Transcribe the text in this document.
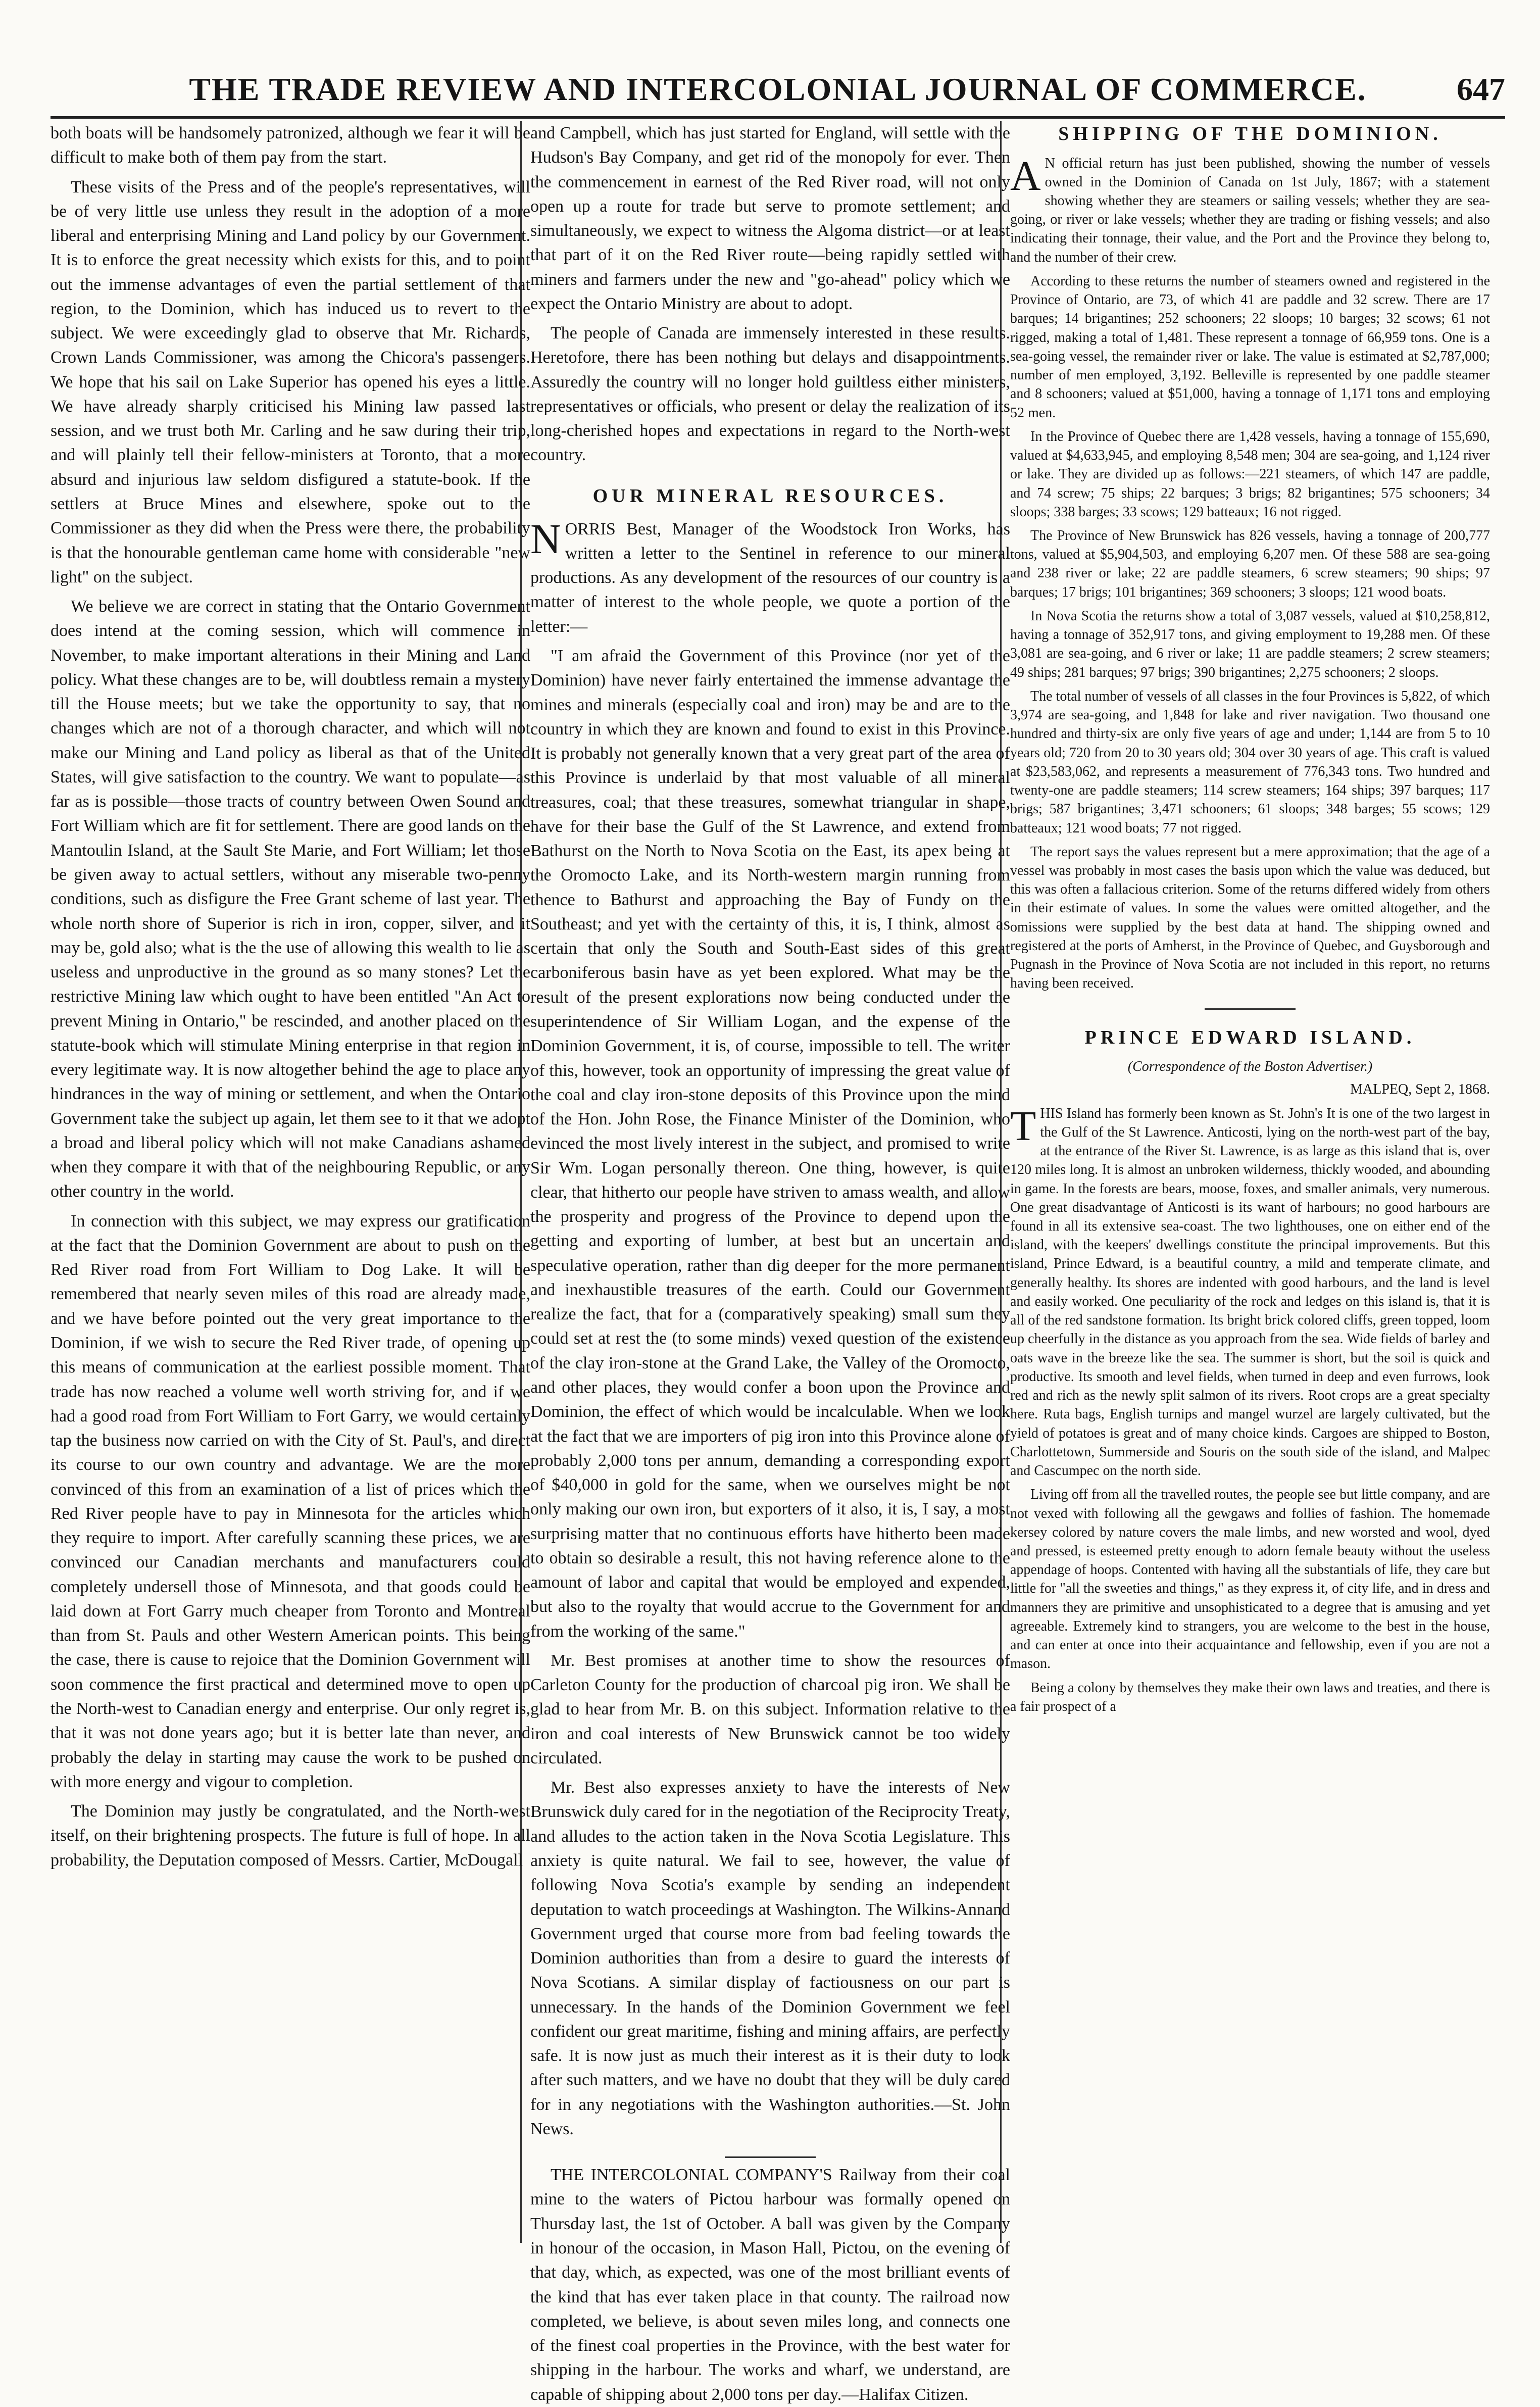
THE TRADE REVIEW AND INTERCOLONIAL JOURNAL OF COMMERCE.	647

both boats will be handsomely patronized, although we fear it will be difficult to make both of them pay from the start.

These visits of the Press and of the people's representatives, will be of very little use unless they result in the adoption of a more liberal and enterprising Mining and Land policy by our Government. It is to enforce the great necessity which exists for this, and to point out the immense advantages of even the partial settlement of that region, to the Dominion, which has induced us to revert to the subject. We were exceedingly glad to observe that Mr. Richards, Crown Lands Commissioner, was among the Chicora's passengers. We hope that his sail on Lake Superior has opened his eyes a little. We have already sharply criticised his Mining law passed last session, and we trust both Mr. Carling and he saw during their trip, and will plainly tell their fellow-ministers at Toronto, that a more absurd and injurious law seldom disfigured a statute-book. If the settlers at Bruce Mines and elsewhere, spoke out to the Commissioner as they did when the Press were there, the probability is that the honourable gentleman came home with considerable "new light" on the subject.

We believe we are correct in stating that the Ontario Government does intend at the coming session, which will commence in November, to make important alterations in their Mining and Land policy. What these changes are to be, will doubtless remain a mystery till the House meets; but we take the opportunity to say, that no changes which are not of a thorough character, and which will not make our Mining and Land policy as liberal as that of the United States, will give satisfaction to the country. We want to populate—as far as is possible—those tracts of country between Owen Sound and Fort William which are fit for settlement. There are good lands on the Mantoulin Island, at the Sault Ste Marie, and Fort William; let those be given away to actual settlers, without any miserable two-penny conditions, such as disfigure the Free Grant scheme of last year. The whole north shore of Superior is rich in iron, copper, silver, and it may be, gold also; what is the the use of allowing this wealth to lie as useless and unproductive in the ground as so many stones? Let the restrictive Mining law which ought to have been entitled "An Act to prevent Mining in Ontario," be rescinded, and another placed on the statute-book which will stimulate Mining enterprise in that region in every legitimate way. It is now altogether behind the age to place any hindrances in the way of mining or settlement, and when the Ontario Government take the subject up again, let them see to it that we adopt a broad and liberal policy which will not make Canadians ashamed when they compare it with that of the neighbouring Republic, or any other country in the world.

In connection with this subject, we may express our gratification at the fact that the Dominion Government are about to push on the Red River road from Fort William to Dog Lake. It will be remembered that nearly seven miles of this road are already made, and we have before pointed out the very great importance to the Dominion, if we wish to secure the Red River trade, of opening up this means of communication at the earliest possible moment. That trade has now reached a volume well worth striving for, and if we had a good road from Fort William to Fort Garry, we would certainly tap the business now carried on with the City of St. Paul's, and direct its course to our own country and advantage. We are the more convinced of this from an examination of a list of prices which the Red River people have to pay in Minnesota for the articles which they require to import. After carefully scanning these prices, we are convinced our Canadian merchants and manufacturers could completely undersell those of Minnesota, and that goods could be laid down at Fort Garry much cheaper from Toronto and Montreal than from St. Pauls and other Western American points. This being the case, there is cause to rejoice that the Dominion Government will soon commence the first practical and determined move to open up the North-west to Canadian energy and enterprise. Our only regret is, that it was not done years ago; but it is better late than never, and probably the delay in starting may cause the work to be pushed on with more energy and vigour to completion.

The Dominion may justly be congratulated, and the North-west itself, on their brightening prospects. The future is full of hope. In all probability, the Deputation composed of Messrs. Cartier, McDougall

and Campbell, which has just started for England, will settle with the Hudson's Bay Company, and get rid of the monopoly for ever. Then the commencement in earnest of the Red River road, will not only open up a route for trade but serve to promote settlement; and simultaneously, we expect to witness the Algoma district—or at least that part of it on the Red River route—being rapidly settled with miners and farmers under the new and "go-ahead" policy which we expect the Ontario Ministry are about to adopt.

The people of Canada are immensely interested in these results. Heretofore, there has been nothing but delays and disappointments. Assuredly the country will no longer hold guiltless either ministers, representatives or officials, who present or delay the realization of its long-cherished hopes and expectations in regard to the North-west country.

OUR MINERAL RESOURCES.

NORRIS Best, Manager of the Woodstock Iron Works, has written a letter to the Sentinel in reference to our mineral productions. As any development of the resources of our country is a matter of interest to the whole people, we quote a portion of the letter:—

"I am afraid the Government of this Province (nor yet of the Dominion) have never fairly entertained the immense advantage the mines and minerals (especially coal and iron) may be and are to the country in which they are known and found to exist in this Province. It is probably not generally known that a very great part of the area of this Province is underlaid by that most valuable of all mineral treasures, coal; that these treasures, somewhat triangular in shape, have for their base the Gulf of the St Lawrence, and extend from Bathurst on the North to Nova Scotia on the East, its apex being at the Oromocto Lake, and its North-western margin running from thence to Bathurst and approaching the Bay of Fundy on the Southeast; and yet with the certainty of this, it is, I think, almost as certain that only the South and South-East sides of this great carboniferous basin have as yet been explored. What may be the result of the present explorations now being conducted under the superintendence of Sir William Logan, and the expense of the Dominion Government, it is, of course, impossible to tell. The writer of this, however, took an opportunity of impressing the great value of the coal and clay iron-stone deposits of this Province upon the mind of the Hon. John Rose, the Finance Minister of the Dominion, who evinced the most lively interest in the subject, and promised to write Sir Wm. Logan personally thereon. One thing, however, is quite clear, that hitherto our people have striven to amass wealth, and allow the prosperity and progress of the Province to depend upon the getting and exporting of lumber, at best but an uncertain and speculative operation, rather than dig deeper for the more permanent and inexhaustible treasures of the earth. Could our Government realize the fact, that for a (comparatively speaking) small sum they could set at rest the (to some minds) vexed question of the existence of the clay iron-stone at the Grand Lake, the Valley of the Oromocto, and other places, they would confer a boon upon the Province and Dominion, the effect of which would be incalculable. When we look at the fact that we are importers of pig iron into this Province alone of probably 2,000 tons per annum, demanding a corresponding export of $40,000 in gold for the same, when we ourselves might be not only making our own iron, but exporters of it also, it is, I say, a most surprising matter that no continuous efforts have hitherto been made to obtain so desirable a result, this not having reference alone to the amount of labor and capital that would be employed and expended, but also to the royalty that would accrue to the Government for and from the working of the same."

Mr. Best promises at another time to show the resources of Carleton County for the production of charcoal pig iron. We shall be glad to hear from Mr. B. on this subject. Information relative to the iron and coal interests of New Brunswick cannot be too widely circulated.

Mr. Best also expresses anxiety to have the interests of New Brunswick duly cared for in the negotiation of the Reciprocity Treaty, and alludes to the action taken in the Nova Scotia Legislature. This anxiety is quite natural. We fail to see, however, the value of following Nova Scotia's example by sending an independent deputation to watch proceedings at Washington. The Wilkins-Annand Government urged that course more from bad feeling towards the Dominion authorities than from a desire to guard the interests of Nova Scotians. A similar display of factiousness on our part is unnecessary. In the hands of the Dominion Government we feel confident our great maritime, fishing and mining affairs, are perfectly safe. It is now just as much their interest as it is their duty to look after such matters, and we have no doubt that they will be duly cared for in any negotiations with the Washington authorities.—St. John News.

THE INTERCOLONIAL COMPANY'S Railway from their coal mine to the waters of Pictou harbour was formally opened on Thursday last, the 1st of October. A ball was given by the Company in honour of the occasion, in Mason Hall, Pictou, on the evening of that day, which, as expected, was one of the most brilliant events of the kind that has ever taken place in that county. The railroad now completed, we believe, is about seven miles long, and connects one of the finest coal properties in the Province, with the best water for shipping in the harbour. The works and wharf, we understand, are capable of shipping about 2,000 tons per day.—Halifax Citizen.

SHIPPING OF THE DOMINION.

A N official return has just been published, showing the number of vessels owned in the Dominion of Canada on 1st July, 1867; with a statement showing whether they are steamers or sailing vessels; whether they are sea-going, or river or lake vessels; whether they are trading or fishing vessels; and also indicating their tonnage, their value, and the Port and the Province they belong to, and the number of their crew.

According to these returns the number of steamers owned and registered in the Province of Ontario, are 73, of which 41 are paddle and 32 screw. There are 17 barques; 14 brigantines; 252 schooners; 22 sloops; 10 barges; 32 scows; 61 not rigged, making a total of 1,481. These represent a tonnage of 66,959 tons. One is a sea-going vessel, the remainder river or lake. The value is estimated at $2,787,000; number of men employed, 3,192. Belleville is represented by one paddle steamer and 8 schooners; valued at $51,000, having a tonnage of 1,171 tons and employing 52 men.

In the Province of Quebec there are 1,428 vessels, having a tonnage of 155,690, valued at $4,633,945, and employing 8,548 men; 304 are sea-going, and 1,124 river or lake. They are divided up as follows:—221 steamers, of which 147 are paddle, and 74 screw; 75 ships; 22 barques; 3 brigs; 82 brigantines; 575 schooners; 34 sloops; 338 barges; 33 scows; 129 batteaux; 16 not rigged.

The Province of New Brunswick has 826 vessels, having a tonnage of 200,777 tons, valued at $5,904,503, and employing 6,207 men. Of these 588 are sea-going and 238 river or lake; 22 are paddle steamers, 6 screw steamers; 90 ships; 97 barques; 17 brigs; 101 brigantines; 369 schooners; 3 sloops; 121 wood boats.

In Nova Scotia the returns show a total of 3,087 vessels, valued at $10,258,812, having a tonnage of 352,917 tons, and giving employment to 19,288 men. Of these 3,081 are sea-going, and 6 river or lake; 11 are paddle steamers; 2 screw steamers; 49 ships; 281 barques; 97 brigs; 390 brigantines; 2,275 schooners; 2 sloops.

The total number of vessels of all classes in the four Provinces is 5,822, of which 3,974 are sea-going, and 1,848 for lake and river navigation. Two thousand one hundred and thirty-six are only five years of age and under; 1,144 are from 5 to 10 years old; 720 from 20 to 30 years old; 304 over 30 years of age. This craft is valued at $23,583,062, and represents a measurement of 776,343 tons. Two hundred and twenty-one are paddle steamers; 114 screw steamers; 164 ships; 397 barques; 117 brigs; 587 brigantines; 3,471 schooners; 61 sloops; 348 barges; 55 scows; 129 batteaux; 121 wood boats; 77 not rigged.

The report says the values represent but a mere approximation; that the age of a vessel was probably in most cases the basis upon which the value was deduced, but this was often a fallacious criterion. Some of the returns differed widely from others in their estimate of values. In some the values were omitted altogether, and the omissions were supplied by the best data at hand. The shipping owned and registered at the ports of Amherst, in the Province of Quebec, and Guysborough and Pugnash in the Province of Nova Scotia are not included in this report, no returns having been received.

PRINCE EDWARD ISLAND.
(Correspondence of the Boston Advertiser.)
MALPEQ, Sept 2, 1868.

THIS Island has formerly been known as St. John's It is one of the two largest in the Gulf of the St Lawrence. Anticosti, lying on the north-west part of the bay, at the entrance of the River St. Lawrence, is as large as this island that is, over 120 miles long. It is almost an unbroken wilderness, thickly wooded, and abounding in game. In the forests are bears, moose, foxes, and smaller animals, very numerous. One great disadvantage of Anticosti is its want of harbours; no good harbours are found in all its extensive sea-coast. The two lighthouses, one on either end of the island, with the keepers' dwellings constitute the principal improvements. But this island, Prince Edward, is a beautiful country, a mild and temperate climate, and generally healthy. Its shores are indented with good harbours, and the land is level and easily worked. One peculiarity of the rock and ledges on this island is, that it is all of the red sandstone formation. Its bright brick colored cliffs, green topped, loom up cheerfully in the distance as you approach from the sea. Wide fields of barley and oats wave in the breeze like the sea. The summer is short, but the soil is quick and productive. Its smooth and level fields, when turned in deep and even furrows, look red and rich as the newly split salmon of its rivers. Root crops are a great specialty here. Ruta bags, English turnips and mangel wurzel are largely cultivated, but the yield of potatoes is great and of many choice kinds. Cargoes are shipped to Boston, Charlottetown, Summerside and Souris on the south side of the island, and Malpec and Cascumpec on the north side.

Living off from all the travelled routes, the people see but little company, and are not vexed with following all the gewgaws and follies of fashion. The homemade kersey colored by nature covers the male limbs, and new worsted and wool, dyed and pressed, is esteemed pretty enough to adorn female beauty without the useless appendage of hoops. Contented with having all the substantials of life, they care but little for "all the sweeties and things," as they express it, of city life, and in dress and manners they are primitive and unsophisticated to a degree that is amusing and yet agreeable. Extremely kind to strangers, you are welcome to the best in the house, and can enter at once into their acquaintance and fellowship, even if you are not a mason.

Being a colony by themselves they make their own laws and treaties, and there is a fair prospect of a
